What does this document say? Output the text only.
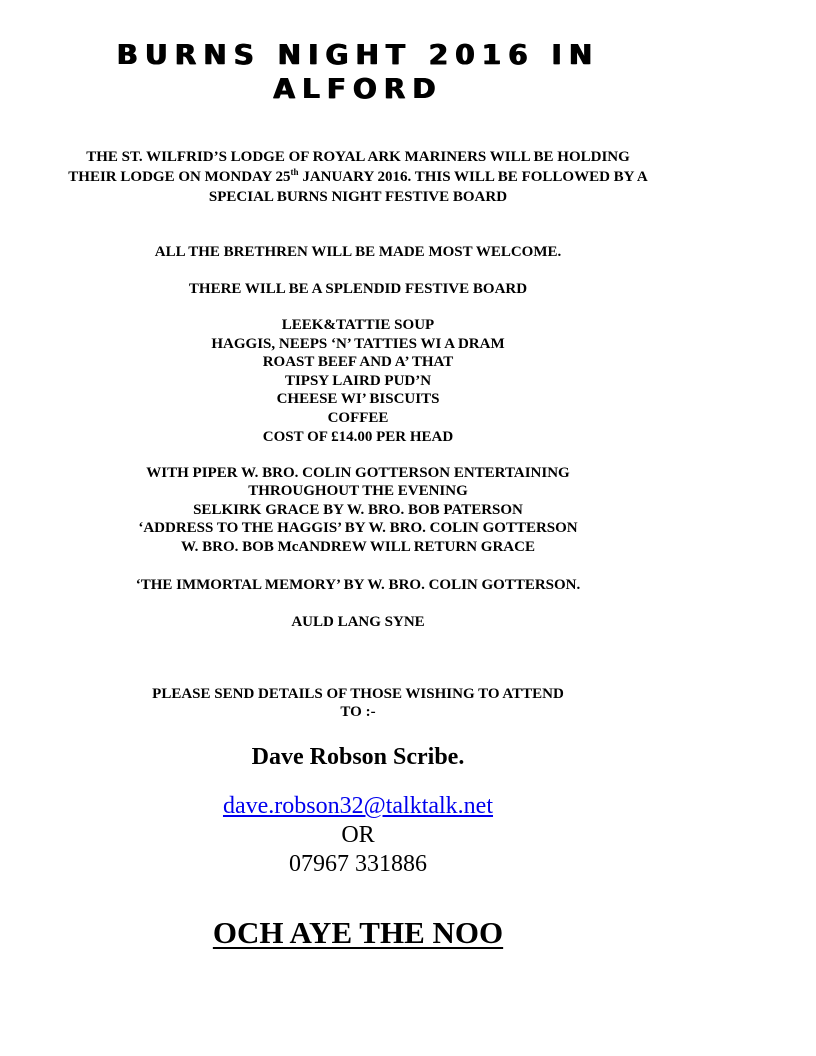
BURNS NIGHT 2016 IN
ALFORD
THE ST. WILFRID’S LODGE OF ROYAL ARK MARINERS WILL BE HOLDING
THEIR LODGE ON MONDAY 25th JANUARY 2016. THIS WILL BE FOLLOWED BY A
SPECIAL BURNS NIGHT FESTIVE BOARD
ALL THE BRETHREN WILL BE MADE MOST WELCOME.
THERE WILL BE A SPLENDID FESTIVE BOARD
LEEK&TATTIE SOUP
HAGGIS, NEEPS ‘N’ TATTIES WI A DRAM
ROAST BEEF AND A’ THAT
TIPSY LAIRD PUD’N
CHEESE WI’ BISCUITS
COFFEE
COST OF £14.00 PER HEAD
WITH PIPER W. BRO. COLIN GOTTERSON ENTERTAINING
THROUGHOUT THE EVENING
SELKIRK GRACE BY W. BRO. BOB PATERSON
‘ADDRESS TO THE HAGGIS’ BY W. BRO. COLIN GOTTERSON
W. BRO. BOB McANDREW WILL RETURN GRACE
‘THE IMMORTAL MEMORY’ BY W. BRO. COLIN GOTTERSON.
AULD LANG SYNE
PLEASE SEND DETAILS OF THOSE WISHING TO ATTEND
TO :-
Dave Robson Scribe.
dave.robson32@talktalk.net
OR
07967 331886
OCH AYE THE NOO
